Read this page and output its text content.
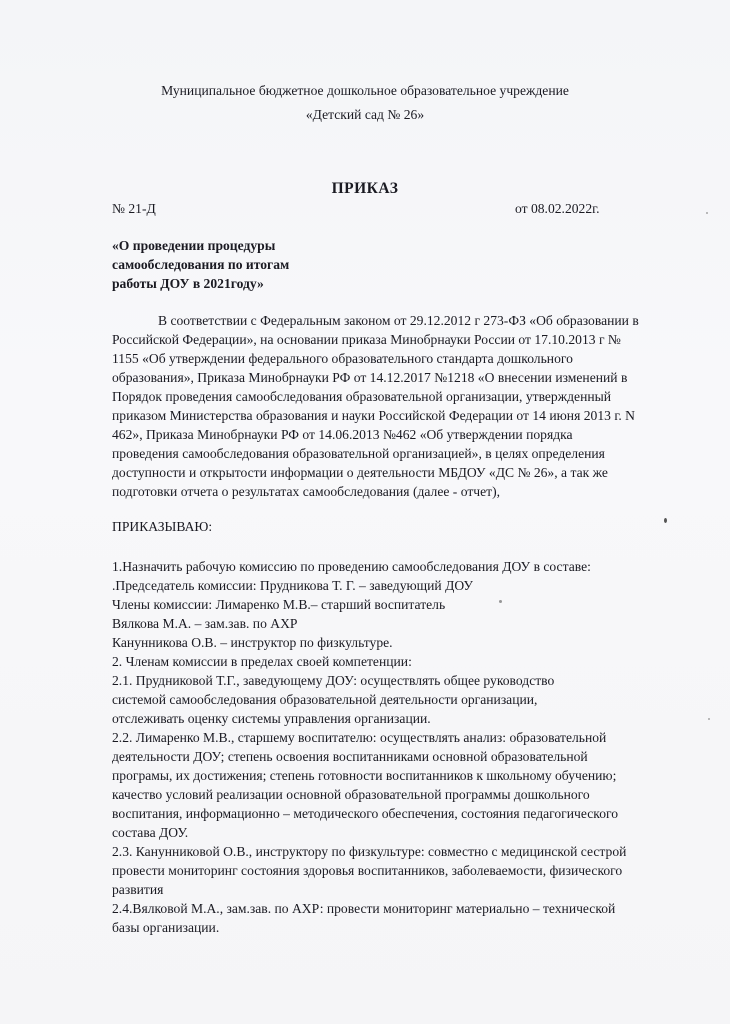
Муниципальное бюджетное дошкольное образовательное учреждение
«Детский сад № 26»
ПРИКАЗ
№ 21-Д	от 08.02.2022г.
«О проведении процедуры
самообследования по итогам
работы ДОУ в 2021году»
В соответствии с Федеральным законом от 29.12.2012 г 273-ФЗ «Об образовании в
Российской Федерации», на основании приказа Минобрнауки России от 17.10.2013 г №
1155 «Об утверждении федерального образовательного стандарта дошкольного
образования», Приказа Минобрнауки РФ от 14.12.2017 №1218 «О внесении изменений в
Порядок проведения самообследования образовательной организации, утвержденный
приказом Министерства образования и науки Российской Федерации от 14 июня 2013 г. N
462», Приказа Минобрнауки РФ от 14.06.2013 №462 «Об утверждении порядка
проведения самообследования образовательной организацией», в целях определения
доступности и открытости информации о деятельности МБДОУ «ДС № 26», а так же
подготовки отчета о результатах самообследования (далее - отчет),
ПРИКАЗЫВАЮ:
1.Назначить рабочую комиссию по проведению самообследования ДОУ в составе:
.Председатель комиссии: Прудникова Т. Г. – заведующий ДОУ
Члены комиссии: Лимаренко М.В.– старший воспитатель
Вялкова М.А. – зам.зав. по АХР
Канунникова О.В. – инструктор по физкультуре.
2. Членам комиссии в пределах своей компетенции:
2.1. Прудниковой Т.Г., заведующему ДОУ: осуществлять общее руководство
системой самообследования образовательной деятельности организации,
отслеживать оценку системы управления организации.
2.2. Лимаренко М.В., старшему воспитателю: осуществлять анализ: образовательной
деятельности ДОУ; степень освоения воспитанниками основной образовательной
програмы, их достижения; степень готовности воспитанников к школьному обучению;
качество условий реализации основной образовательной программы дошкольного
воспитания, информационно – методического обеспечения, состояния педагогического
состава ДОУ.
2.3. Канунниковой О.В., инструктору по физкультуре: совместно с медицинской сестрой
провести мониторинг состояния здоровья воспитанников, заболеваемости, физического
развития
2.4.Вялковой М.А., зам.зав. по АХР: провести мониторинг материально – технической
базы организации.
